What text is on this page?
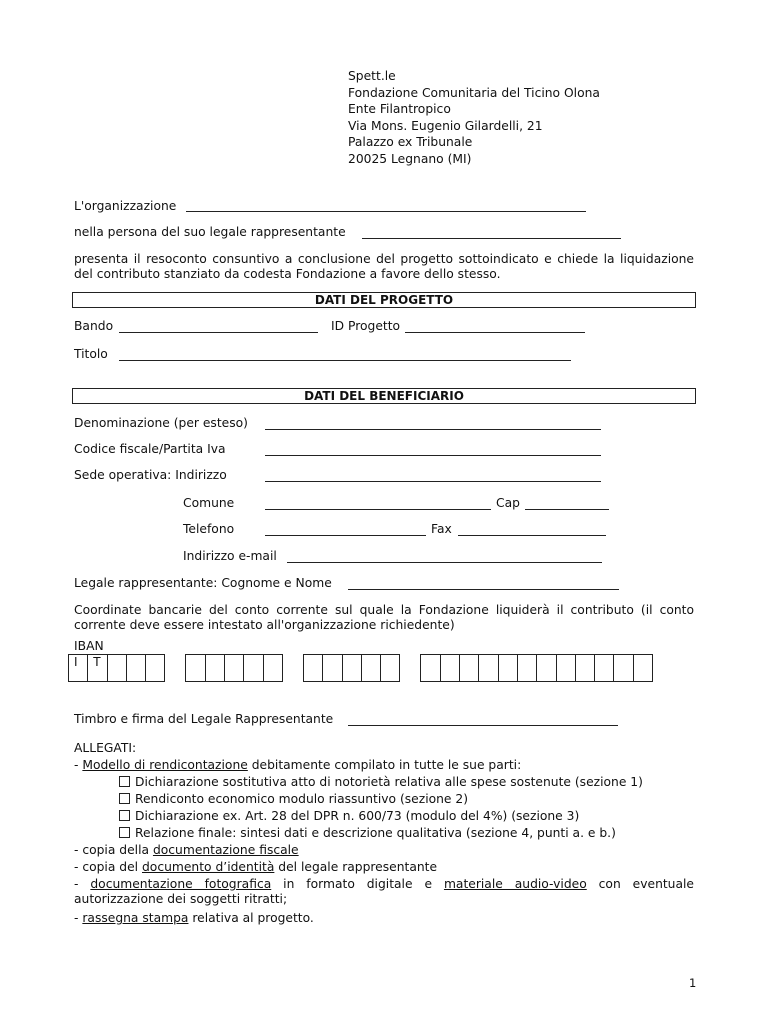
Spett.le
Fondazione Comunitaria del Ticino Olona
Ente Filantropico
Via Mons. Eugenio Gilardelli, 21
Palazzo ex Tribunale
20025 Legnano (MI)
L'organizzazione
nella persona del suo legale rappresentante
presenta il resoconto consuntivo a conclusione del progetto sottoindicato e chiede la liquidazione del contributo stanziato da codesta Fondazione a favore dello stesso.
DATI DEL PROGETTO
Bando	ID Progetto
Titolo
DATI DEL BENEFICIARIO
Denominazione (per esteso)
Codice fiscale/Partita Iva
Sede operativa: Indirizzo
Comune	Cap
Telefono	Fax
Indirizzo e-mail
Legale rappresentante: Cognome e Nome
Coordinate bancarie del conto corrente sul quale la Fondazione liquiderà il contributo (il conto corrente deve essere intestato all'organizzazione richiedente)
IBAN
I	T
Timbro e firma del Legale Rappresentante
ALLEGATI:
- Modello di rendicontazione debitamente compilato in tutte le sue parti:
Dichiarazione sostitutiva atto di notorietà relativa alle spese sostenute (sezione 1)
Rendiconto economico modulo riassuntivo (sezione 2)
Dichiarazione ex. Art. 28 del DPR n. 600/73 (modulo del 4%) (sezione 3)
Relazione finale: sintesi dati e descrizione qualitativa (sezione 4, punti a. e b.)
- copia della documentazione fiscale
- copia del documento d’identità del legale rappresentante
- documentazione fotografica in formato digitale e materiale audio-video con eventuale autorizzazione dei soggetti ritratti;
- rassegna stampa relativa al progetto.
1
